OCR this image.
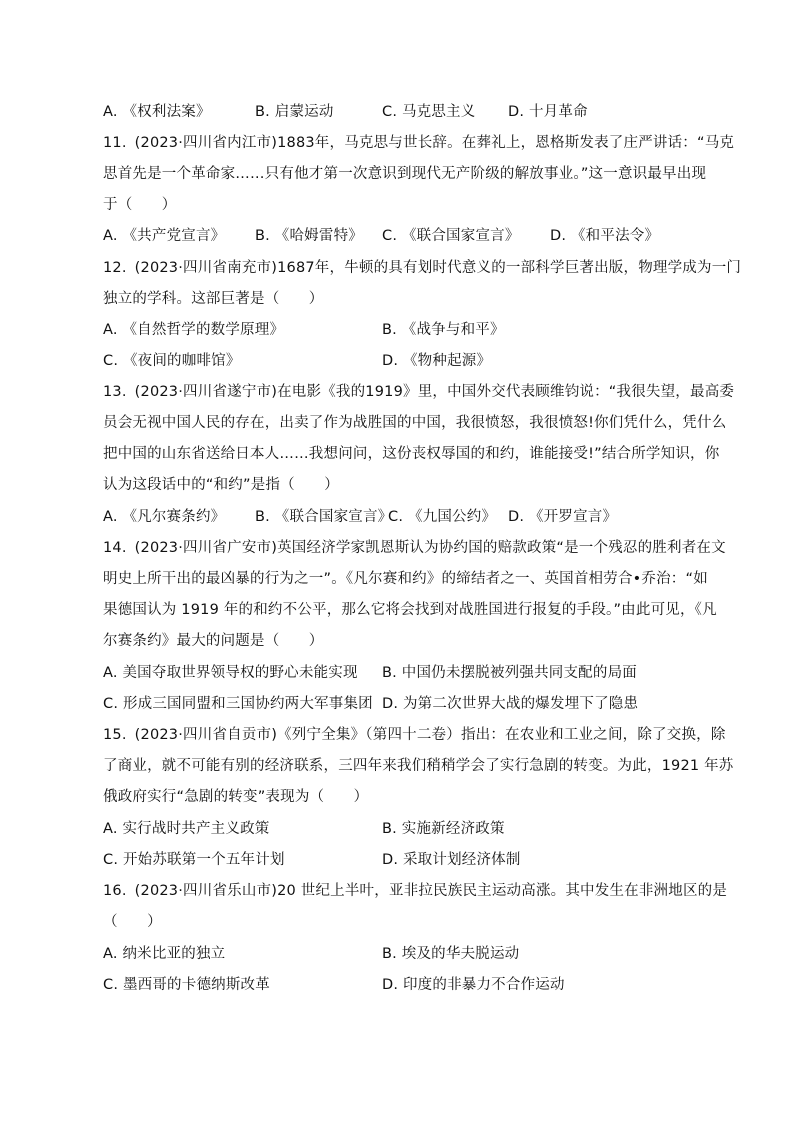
A. 《权利法案》	B. 启蒙运动	C. 马克思主义 D. 十月革命
11. (2023·四川省内江市)1883年，马克思与世长辞。在葬礼上，恩格斯发表了庄严讲话：“马克
思首先是一个革命家……只有他才第一次意识到现代无产阶级的解放事业。”这一意识最早出现
于（　　）
A. 《共产党宣言》 B. 《哈姆雷特》 C. 《联合国家宣言》 D. 《和平法令》
12. (2023·四川省南充市)1687年，牛顿的具有划时代意义的一部科学巨著出版，物理学成为一门
独立的学科。这部巨著是（　　）
A. 《自然哲学的数学原理》	B. 《战争与和平》
C. 《夜间的咖啡馆》	D. 《物种起源》
13. (2023·四川省遂宁市)在电影《我的1919》里，中国外交代表顾维钧说：“我很失望，最高委
员会无视中国人民的存在，出卖了作为战胜国的中国，我很愤怒，我很愤怒!你们凭什么，凭什么
把中国的山东省送给日本人……我想问问，这份丧权辱国的和约，谁能接受!”结合所学知识，你
认为这段话中的“和约”是指（　　）
A. 《凡尔赛条约》 B. 《联合国家宣言》
C. 《九国公约》 D. 《开罗宣言》
14. (2023·四川省广安市)英国经济学家凯恩斯认为协约国的赔款政策“是一个残忍的胜利者在文
明史上所干出的最凶暴的行为之一”。《凡尔赛和约》的缔结者之一、英国首相劳合•乔治：“如
果德国认为 1919 年的和约不公平，那么它将会找到对战胜国进行报复的手段。”由此可见，《凡
尔赛条约》最大的问题是（　　）
A. 美国夺取世界领导权的野心未能实现 B. 中国仍未摆脱被列强共同支配的局面
C. 形成三国同盟和三国协约两大军事集团 D. 为第二次世界大战的爆发埋下了隐患
15. (2023·四川省自贡市)《列宁全集》（第四十二卷）指出：在农业和工业之间，除了交换，除
了商业，就不可能有别的经济联系，三四年来我们稍稍学会了实行急剧的转变。为此，1921 年苏
俄政府实行“急剧的转变”表现为（　　）
A. 实行战时共产主义政策	B. 实施新经济政策
C. 开始苏联第一个五年计划	D. 采取计划经济体制
16. (2023·四川省乐山市)20 世纪上半叶，亚非拉民族民主运动高涨。其中发生在非洲地区的是
（　　）
A. 纳米比亚的独立	B. 埃及的华夫脱运动
C. 墨西哥的卡德纳斯改革	D. 印度的非暴力不合作运动
